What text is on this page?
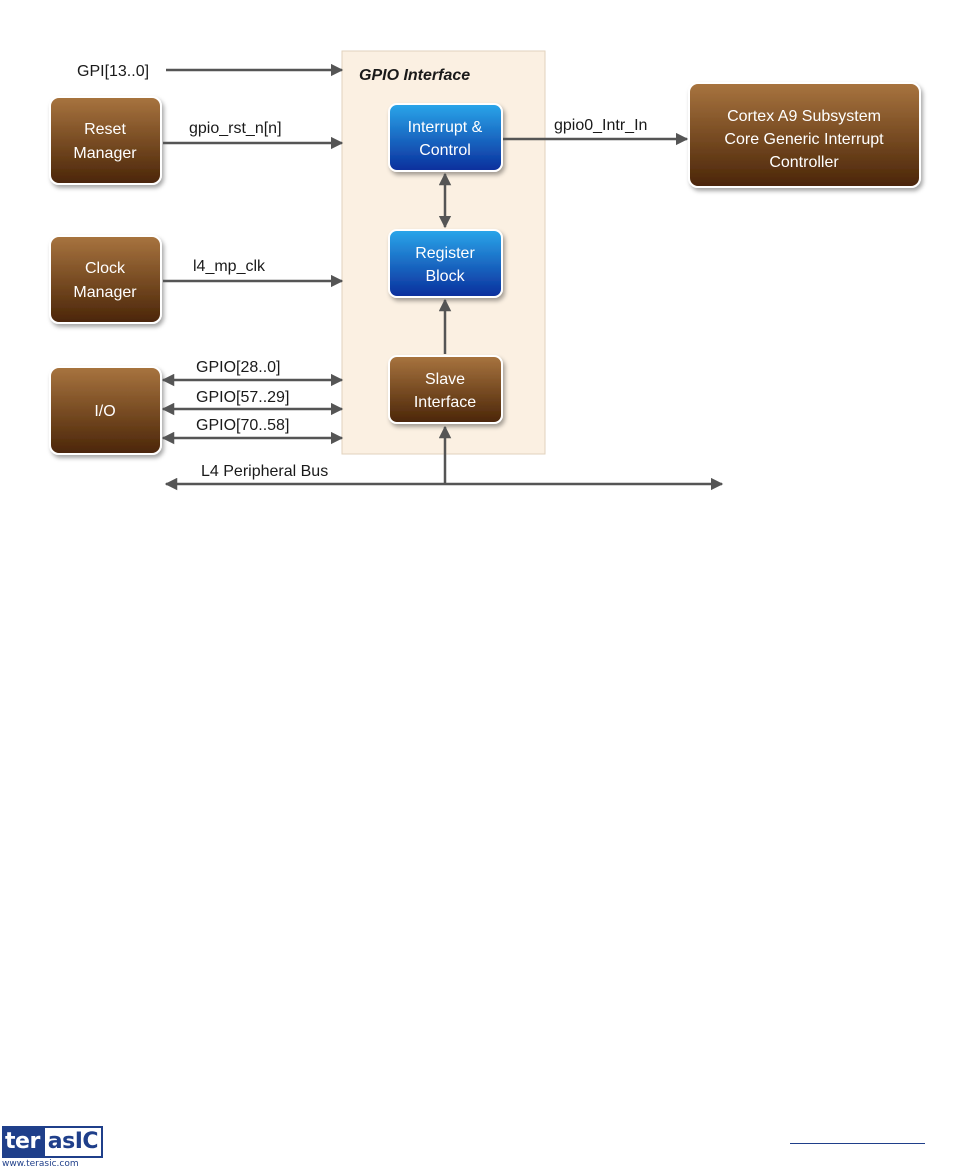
GPIO Interface
Reset
Manager
Clock
Manager
I/O
Interrupt &
Control
Register
Block
Slave
Interface
Cortex A9 Subsystem
Core Generic Interrupt
Controller
GPI[13..0]
gpio_rst_n[n]
l4_mp_clk
GPIO[28..0]
GPIO[57..29]
GPIO[70..58]
gpio0_Intr_In
L4 Peripheral Bus
ter asIC
www.terasic.com
